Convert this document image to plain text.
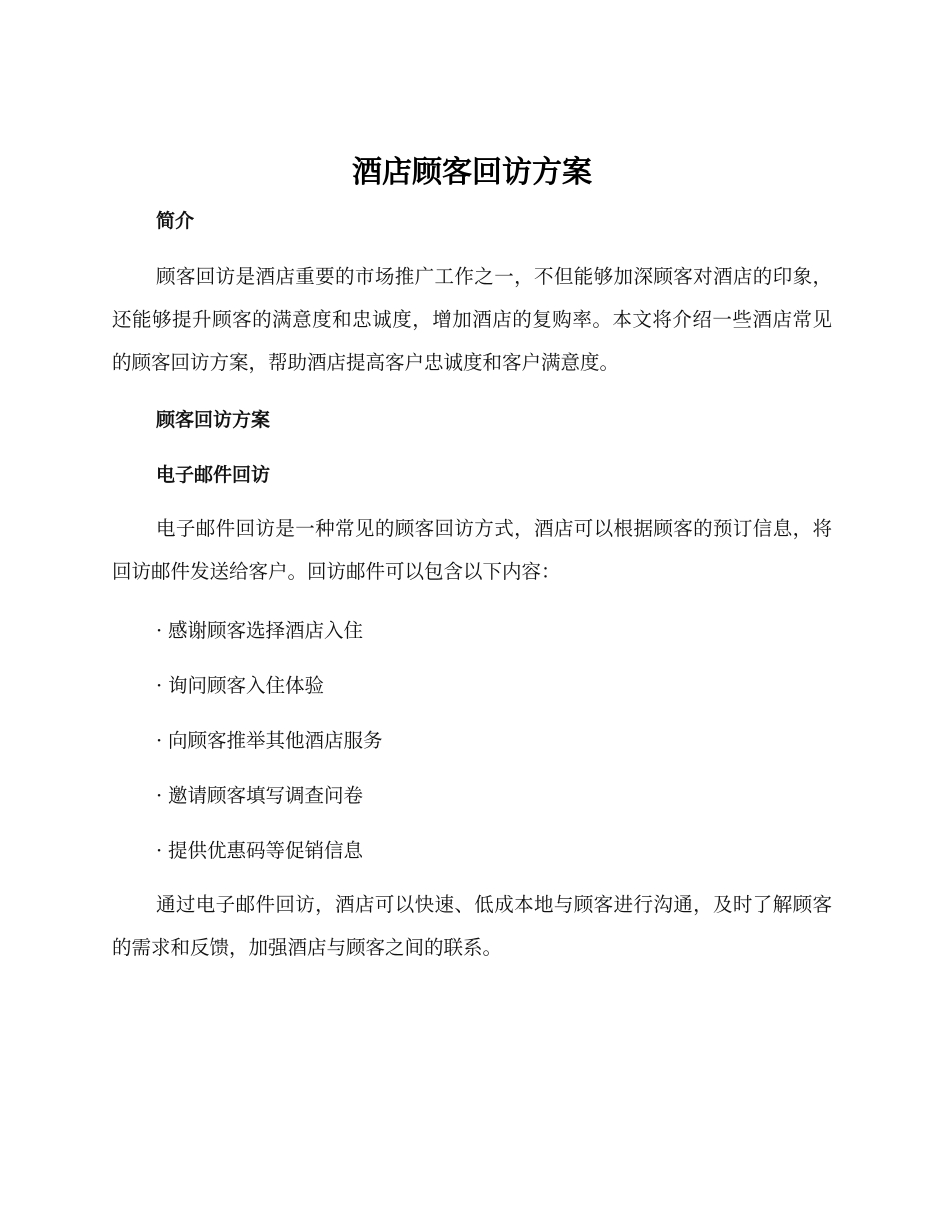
酒店顾客回访方案
简介

顾客回访是酒店重要的市场推广工作之一，不但能够加深顾客对酒店的印象，还能够提升顾客的满意度和忠诚度，增加酒店的复购率。本文将介绍一些酒店常见的顾客回访方案，帮助酒店提高客户忠诚度和客户满意度。

顾客回访方案
电子邮件回访

电子邮件回访是一种常见的顾客回访方式，酒店可以根据顾客的预订信息，将回访邮件发送给客户。回访邮件可以包含以下内容：

· 感谢顾客选择酒店入住
· 询问顾客入住体验
· 向顾客推举其他酒店服务
· 邀请顾客填写调查问卷
· 提供优惠码等促销信息

通过电子邮件回访，酒店可以快速、低成本地与顾客进行沟通，及时了解顾客的需求和反馈，加强酒店与顾客之间的联系。
